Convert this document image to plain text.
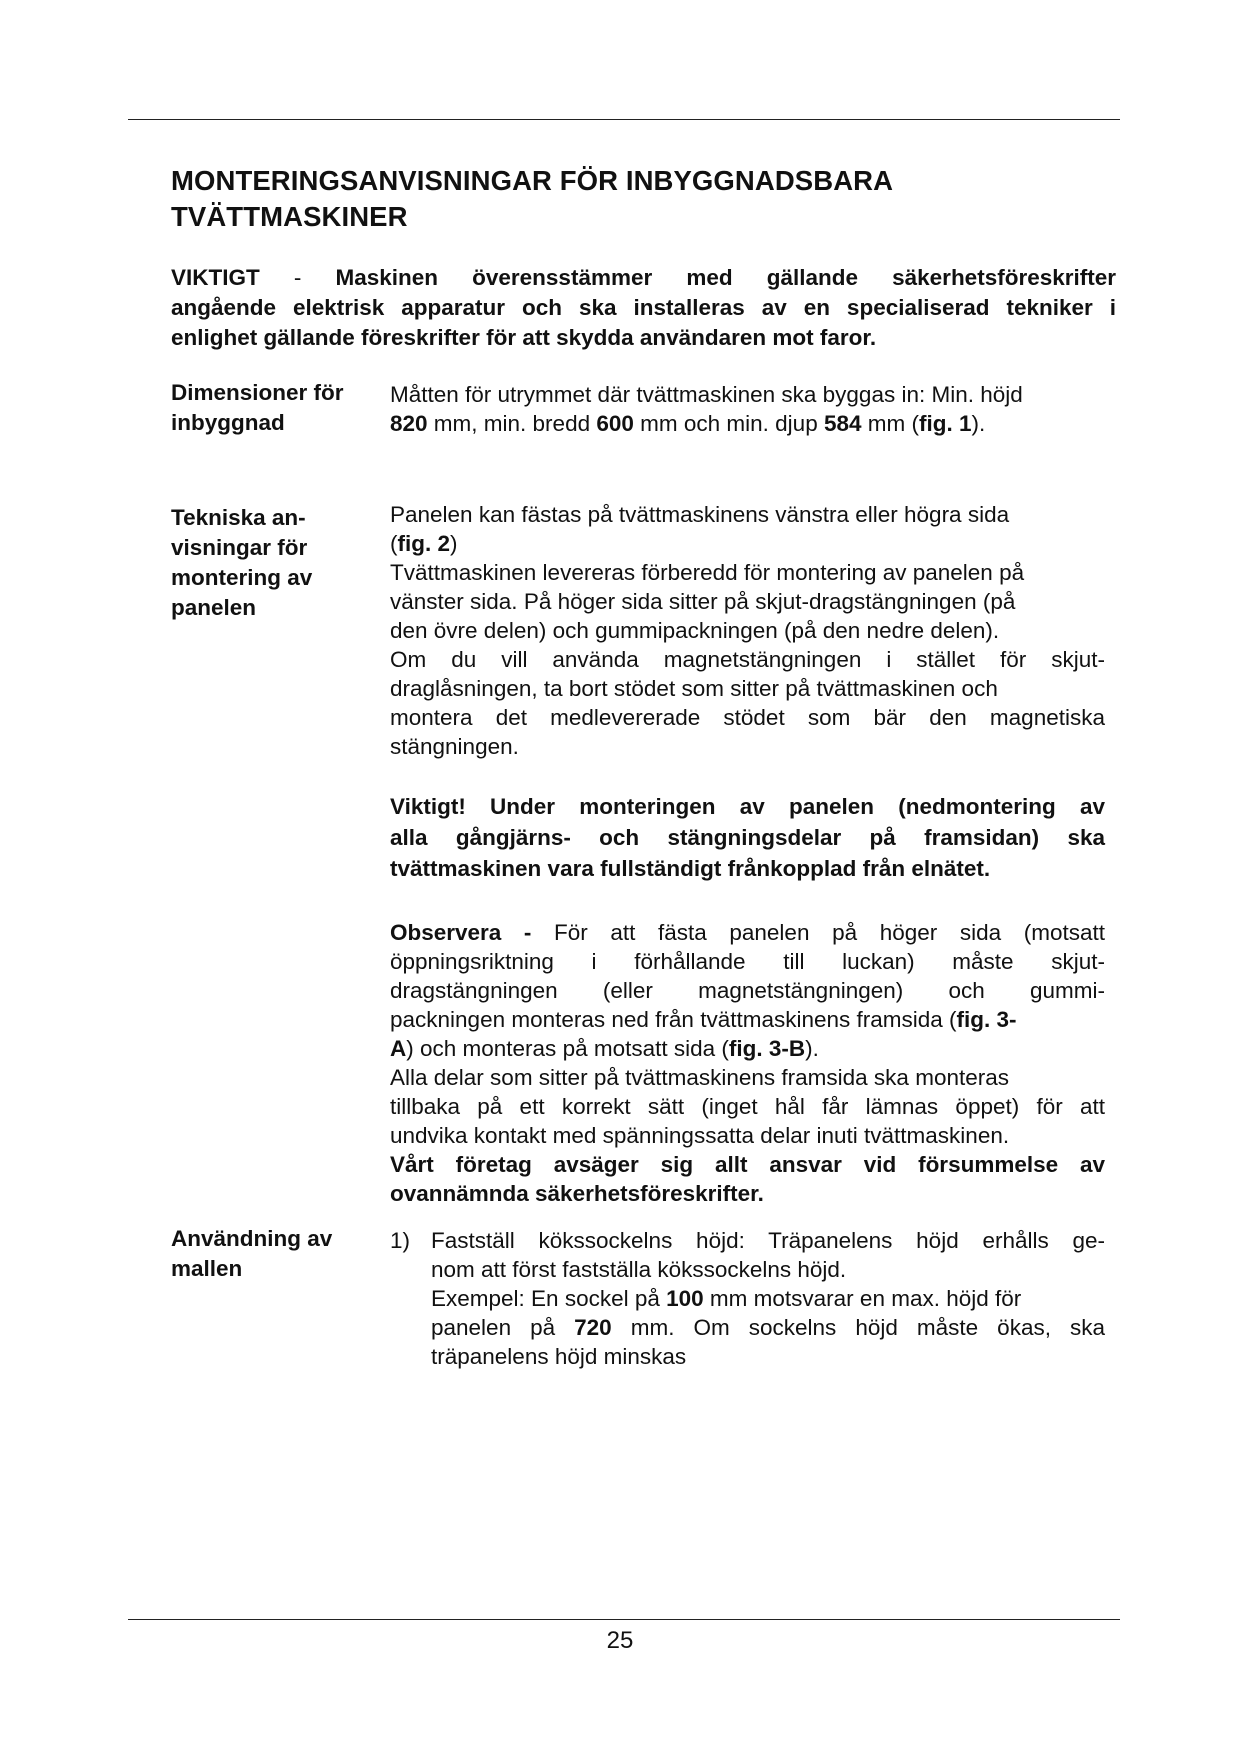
MONTERINGSANVISNINGAR FÖR INBYGGNADSBARA
TVÄTTMASKINER
VIKTIGT - Maskinen överensstämmer med gällande säkerhetsföreskrifter
angående elektrisk apparatur och ska installeras av en specialiserad tekniker i
enlighet gällande föreskrifter för att skydda användaren mot faror.
Dimensioner för
inbyggnad
Måtten för utrymmet där tvättmaskinen ska byggas in: Min. höjd
820 mm, min. bredd 600 mm och min. djup 584 mm (fig. 1).
Tekniska an-
visningar för
montering av
panelen
Panelen kan fästas på tvättmaskinens vänstra eller högra sida
(fig. 2)
Tvättmaskinen levereras förberedd för montering av panelen på
vänster sida. På höger sida sitter på skjut-dragstängningen (på
den övre delen) och gummipackningen (på den nedre delen).
Om du vill använda magnetstängningen i stället för skjut-
draglåsningen, ta bort stödet som sitter på tvättmaskinen och
montera det medlevererade stödet som bär den magnetiska
stängningen.
Viktigt! Under monteringen av panelen (nedmontering av
alla gångjärns- och stängningsdelar på framsidan) ska
tvättmaskinen vara fullständigt frånkopplad från elnätet.
Observera - För att fästa panelen på höger sida (motsatt
öppningsriktning i förhållande till luckan) måste skjut-
dragstängningen (eller magnetstängningen) och gummi-
packningen monteras ned från tvättmaskinens framsida (fig. 3-
A) och monteras på motsatt sida (fig. 3-B).
Alla delar som sitter på tvättmaskinens framsida ska monteras
tillbaka på ett korrekt sätt (inget hål får lämnas öppet) för att
undvika kontakt med spänningssatta delar inuti tvättmaskinen.
Vårt företag avsäger sig allt ansvar vid försummelse av
ovannämnda säkerhetsföreskrifter.
Användning av
mallen
1) Fastställ kökssockelns höjd: Träpanelens höjd erhålls ge-
nom att först fastställa kökssockelns höjd.
Exempel: En sockel på 100 mm motsvarar en max. höjd för
panelen på 720 mm. Om sockelns höjd måste ökas, ska
träpanelens höjd minskas
25
